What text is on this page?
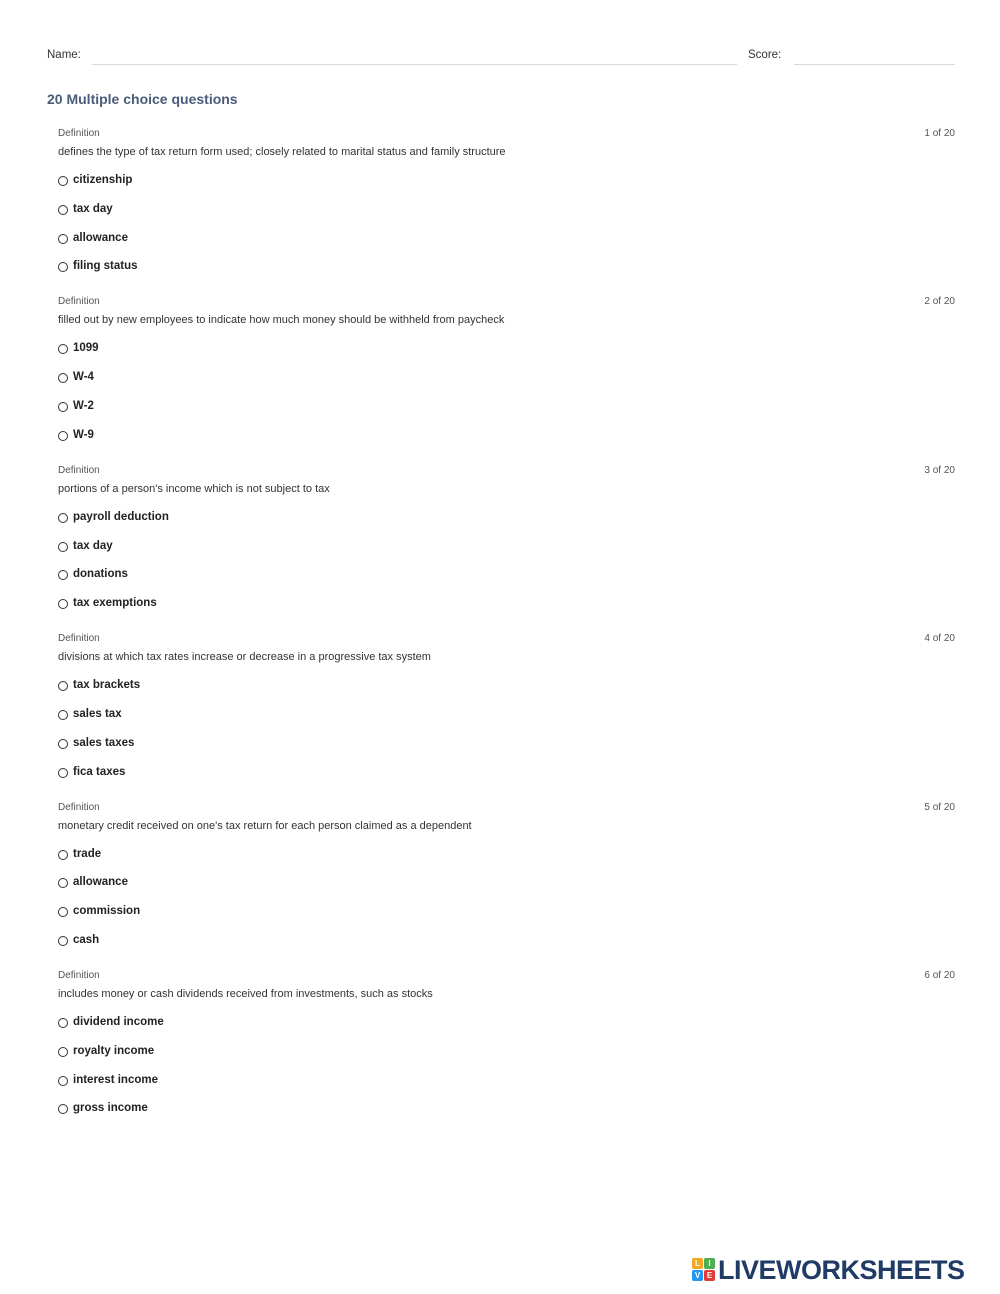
Name:	Score:
20 Multiple choice questions
Definition	1 of 20
defines the type of tax return form used; closely related to marital status and family structure
citizenship
tax day
allowance
filing status
Definition	2 of 20
filled out by new employees to indicate how much money should be withheld from paycheck
1099
W-4
W-2
W-9
Definition	3 of 20
portions of a person's income which is not subject to tax
payroll deduction
tax day
donations
tax exemptions
Definition	4 of 20
divisions at which tax rates increase or decrease in a progressive tax system
tax brackets
sales tax
sales taxes
fica taxes
Definition	5 of 20
monetary credit received on one's tax return for each person claimed as a dependent
trade
allowance
commission
cash
Definition	6 of 20
includes money or cash dividends received from investments, such as stocks
dividend income
royalty income
interest income
gross income
L	I
V E LIVEWORKSHEETS
